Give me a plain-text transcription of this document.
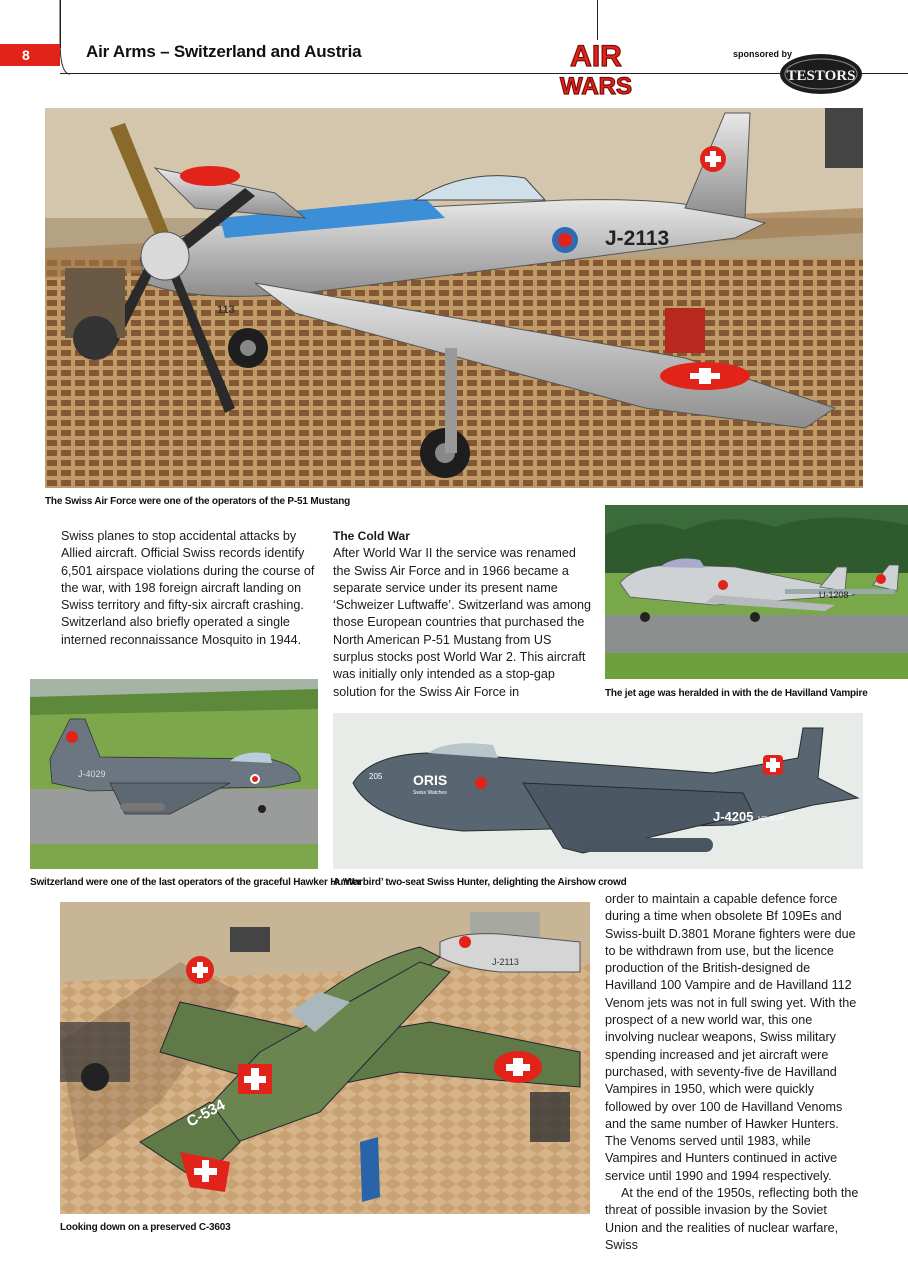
8	Air Arms – Switzerland and Austria	AIR
WARS
sponsored by
TESTORS
J-2113
113
The Swiss Air Force were one of the operators of the P-51 Mustang

Swiss planes to stop accidental attacks by Allied aircraft. Official Swiss records identify 6,501 airspace violations during the course of the war, with 198 foreign aircraft landing on Swiss territory and fifty-six aircraft crashing. Switzerland also briefly operated a single interned reconnaissance Mosquito in 1944.

The Cold War

After World War II the service was renamed the Swiss Air Force and in 1966 became a separate service under its present name ‘Schweizer Luftwaffe’. Switzerland was among those European countries that purchased the North American P-51 Mustang from US surplus stocks post World War 2. This aircraft was initially only intended as a stop-gap solution for the Swiss Air Force in

U-1208
The jet age was heralded in with the de Havilland Vampire
J-4029
Switzerland were one of the last operators of the graceful Hawker Hunter
ORIS
Swiss Watches
205
J-4205 HB-RVP
A ‘Warbird’ two-seat Swiss Hunter, delighting the Airshow crowd
J-2113
C-534
Looking down on a preserved C-3603

order to maintain a capable defence force during a time when obsolete Bf 109Es and Swiss-built D.3801 Morane fighters were due to be withdrawn from use, but the licence production of the British-designed de Havilland 100 Vampire and de Havilland 112 Venom jets was not in full swing yet. With the prospect of a new world war, this one involving nuclear weapons, Swiss military spending increased and jet aircraft were purchased, with seventy-five de Havilland Vampires in 1950, which were quickly followed by over 100 de Havilland Venoms and the same number of Hawker Hunters. The Venoms served until 1983, while Vampires and Hunters continued in active service until 1990 and 1994 respectively.

At the end of the 1950s, reflecting both the threat of possible invasion by the Soviet Union and the realities of nuclear warfare, Swiss
